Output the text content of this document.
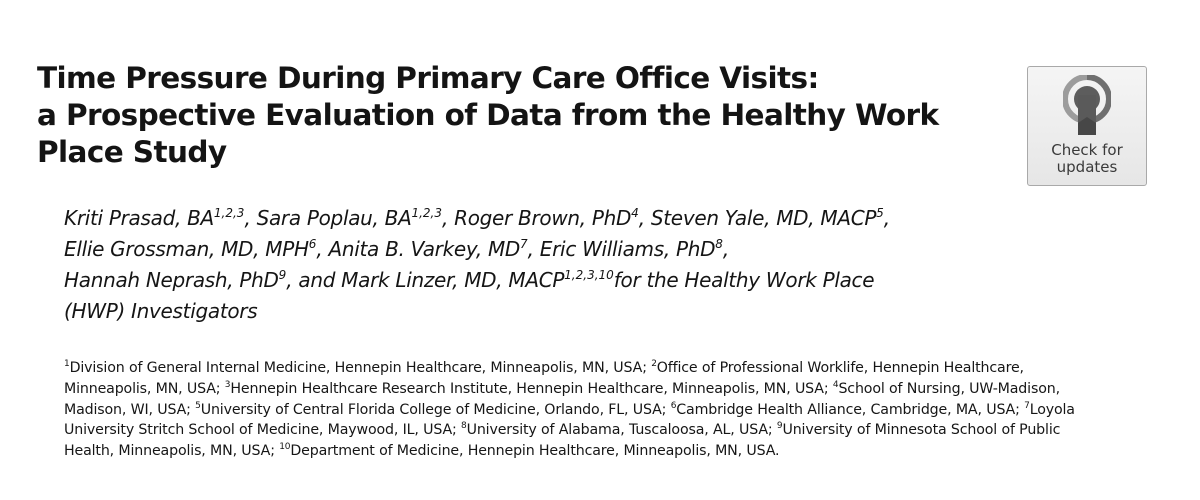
Time Pressure During Primary Care Office Visits:
a Prospective Evaluation of Data from the Healthy Work
Place Study	Check for
updates
Kriti Prasad, BA$^{1,2,3}$, Sara Poplau, BA$^{1,2,3}$, Roger Brown, PhD$^4$, Steven Yale, MD, MACP$^5$,
Ellie Grossman, MD, MPH$^6$, Anita B. Varkey, $MD^7$, Eric Williams, PhD$^8$,
Hannah Neprash, PhD$^9$, and Mark Linzer, MD, MACP$^{1,2,3,10}$for the Healthy Work Place
(HWP) Investigators
$^1$Division of General Internal Medicine, Hennepin Healthcare, Minneapolis, MN, USA; $^2$Office of Professional Worklife, Hennepin Healthcare,
Minneapolis, MN, USA; $^3$Hennepin Healthcare Research Institute, Hennepin Healthcare, Minneapolis, MN, USA; $^4$School of Nursing, UW-Madison,
Madison, WI, USA; $^5$University of Central Florida College of Medicine, Orlando, FL, USA; $^6$Cambridge Health Alliance, Cambridge, MA, USA; $^7$Loyola
University Stritch School of Medicine, Maywood, IL, USA; $^8$University of Alabama, Tuscaloosa, AL, USA; $^9$University of Minnesota School of Public
Health, Minneapolis, MN, USA; $^{10}$Department of Medicine, Hennepin Healthcare, Minneapolis, MN, USA.
